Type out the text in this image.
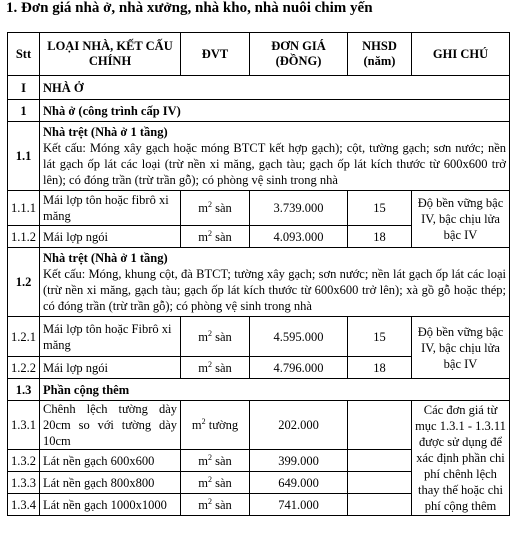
1. Đơn giá nhà ở, nhà xưởng, nhà kho, nhà nuôi chim yến
Stt	LOẠI NHÀ, KẾT CẤU CHÍNH	ĐVT	ĐƠN GIÁ (ĐỒNG)	NHSD (năm)	GHI CHÚ
I	NHÀ Ở				
1	Nhà ở (công trình cấp IV)				
1.1	Nhà trệt (Nhà ở 1 tầng)
Kết cấu: Móng xây gạch hoặc móng BTCT kết hợp gạch); cột, tường gạch; sơn nước; nền lát gạch ốp lát các loại (trừ nền xi măng, gạch tàu; gạch ốp lát kích thước từ 600x600 trở lên); có đóng trần (trừ trần gỗ); có phòng vệ sinh trong nhà				

1.1.1	Mái lợp tôn hoặc fibrô xi măng	$m^2$ sàn	3.739.000	15	Độ bền vững bậc IV, bậc chịu lửa bậc IV
1.1.2	Mái lợp ngói	$m^2$ sàn	4.093.000	18	
1.2	Nhà trệt (Nhà ở 1 tầng)
Kết cấu: Móng, khung cột, đà BTCT; tường xây gạch; sơn nước; nền lát gạch ốp lát các loại (trừ nền xi măng, gạch tàu; gạch ốp lát kích thước từ 600x600 trở lên); xà gồ gỗ hoặc thép; có đóng trần (trừ trần gỗ); có phòng vệ sinh trong nhà				

1.2.1	Mái lợp tôn hoặc Fibrô xi măng	$m^2$ sàn	4.595.000	15	Độ bền vững bậc IV, bậc chịu lửa bậc IV
1.2.2	Mái lợp ngói	$m^2$ sàn	4.796.000	18	
1.3	Phần cộng thêm				
1.3.1	Chênh lệch tường dày 20cm so với tường dày 10cm	$m^2$ tường	202.000		Các đơn giá từ mục 1.3.1 - 1.3.11 được sử dụng để xác định phần chi phí chênh lệch thay thế hoặc chi phí cộng thêm
1.3.2	Lát nền gạch 600x600	$m^2$ sàn	399.000		
1.3.3	Lát nền gạch 800x800	$m^2$ sàn	649.000		
1.3.4	Lát nền gạch 1000x1000	$m^2$ sàn	741.000		
